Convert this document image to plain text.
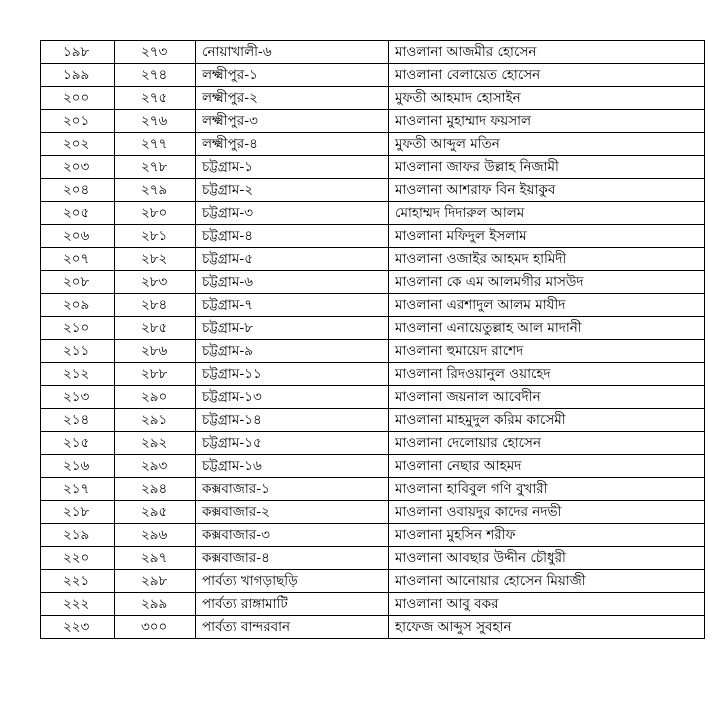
১৯৮	২৭৩	নোয়াখালী-৬	মাওলানা আজমীর হোসেন
১৯৯	২৭৪	লক্ষ্মীপুর-১	মাওলানা বেলায়েত হোসেন
২০০	২৭৫	লক্ষ্মীপুর-২	মুফতী আহমাদ হোসাইন
২০১	২৭৬	লক্ষ্মীপুর-৩	মাওলানা মুহাম্মাদ ফয়সাল
২০২	২৭৭	লক্ষ্মীপুর-৪	মুফতী আব্দুল মতিন
২০৩	২৭৮	চট্টগ্রাম-১	মাওলানা জাফর উল্লাহ নিজামী
২০৪	২৭৯	চট্টগ্রাম-২	মাওলানা আশরাফ বিন ইয়াকুব
২০৫	২৮০	চট্টগ্রাম-৩	মোহাম্মদ দিদারুল আলম
২০৬	২৮১	চট্টগ্রাম-৪	মাওলানা মফিদুল ইসলাম
২০৭	২৮২	চট্টগ্রাম-৫	মাওলানা ওজাইর আহমদ হামিদী
২০৮	২৮৩	চট্টগ্রাম-৬	মাওলানা কে এম আলমগীর মাসউদ
২০৯	২৮৪	চট্টগ্রাম-৭	মাওলানা এরশাদুল আলম মাযীদ
২১০	২৮৫	চট্টগ্রাম-৮	মাওলানা এনায়েতুল্লাহ আল মাদানী
২১১	২৮৬	চট্টগ্রাম-৯	মাওলানা হুমায়েদ রাশেদ
২১২	২৮৮	চট্টগ্রাম-১১	মাওলানা রিদওয়ানুল ওয়াহেদ
২১৩	২৯০	চট্টগ্রাম-১৩	মাওলানা জয়নাল আবেদীন
২১৪	২৯১	চট্টগ্রাম-১৪	মাওলানা মাহমুদুল করিম কাসেমী
২১৫	২৯২	চট্টগ্রাম-১৫	মাওলানা দেলোয়ার হোসেন
২১৬	২৯৩	চট্টগ্রাম-১৬	মাওলানা নেছার আহমদ
২১৭	২৯৪	কক্সবাজার-১	মাওলানা হাবিবুল গণি বুখারী
২১৮	২৯৫	কক্সবাজার-২	মাওলানা ওবায়দুর কাদের নদভী
২১৯	২৯৬	কক্সবাজার-৩	মাওলানা মুহসিন শরীফ
২২০	২৯৭	কক্সবাজার-৪	মাওলানা আবছার উদ্দীন চৌধুরী
২২১	২৯৮	পার্বত্য খাগড়াছড়ি	মাওলানা আনোয়ার হোসেন মিয়াজী
২২২	২৯৯	পার্বত্য রাঙ্গামাটি	মাওলানা আবু বকর
২২৩	৩০০	পার্বত্য বান্দরবান	হাফেজ আব্দুস সুবহান
